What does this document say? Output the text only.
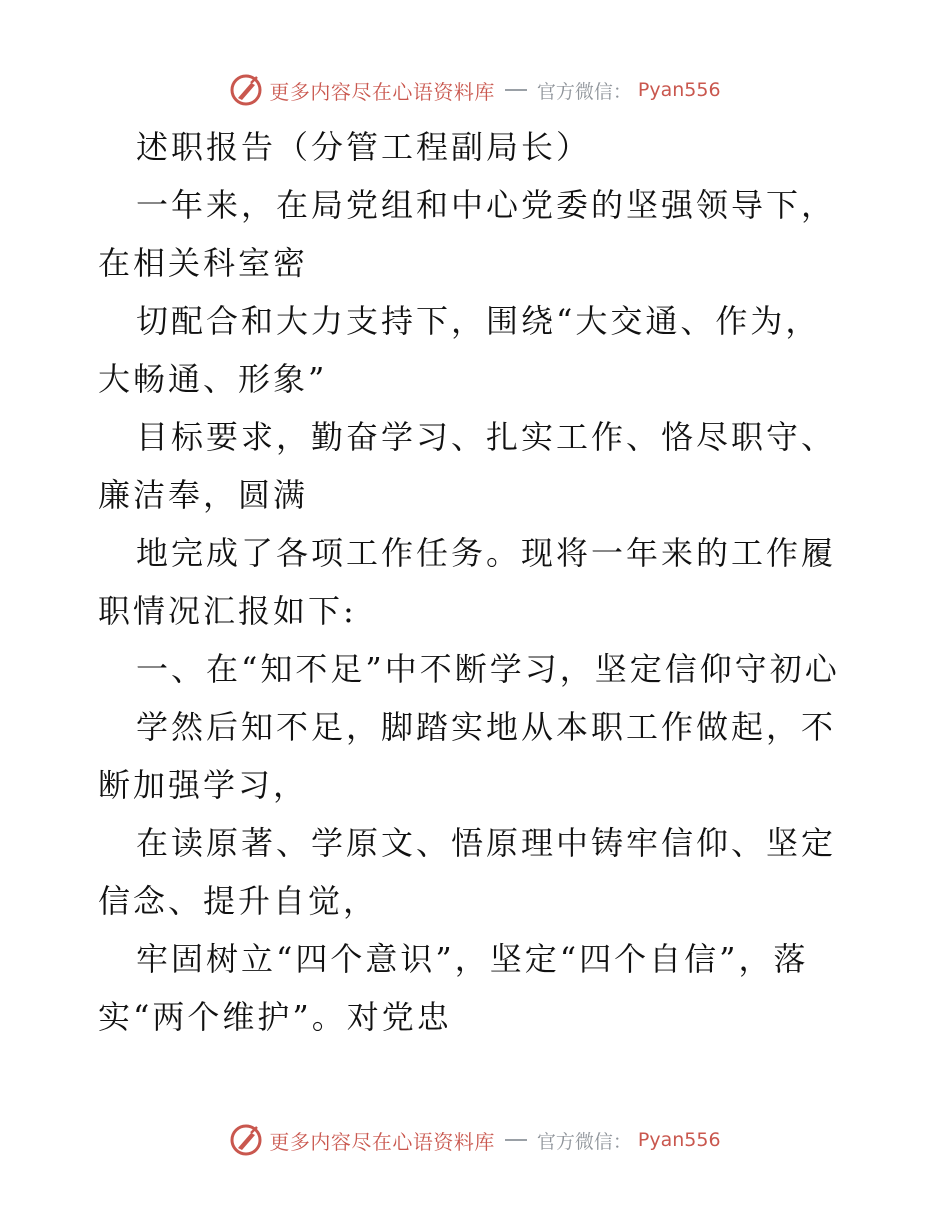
更多内容尽在心语资料库 官方微信： Pyan556

述职报告（分管工程副局长）

一年来，在局党组和中心党委的坚强领导下，在相关科室密

切配合和大力支持下，围绕“大交通、作为，大畅通、形象”

目标要求，勤奋学习、扎实工作、恪尽职守、廉洁奉，圆满

地完成了各项工作任务。现将一年来的工作履职情况汇报如下:

一、在“知不足”中不断学习，坚定信仰守初心

学然后知不足，脚踏实地从本职工作做起，不断加强学习，

在读原著、学原文、悟原理中铸牢信仰、坚定信念、提升自觉，

牢固树立“四个意识”，坚定“四个自信”，落实“两个维护”。对党忠

更多内容尽在心语资料库 官方微信： Pyan556
